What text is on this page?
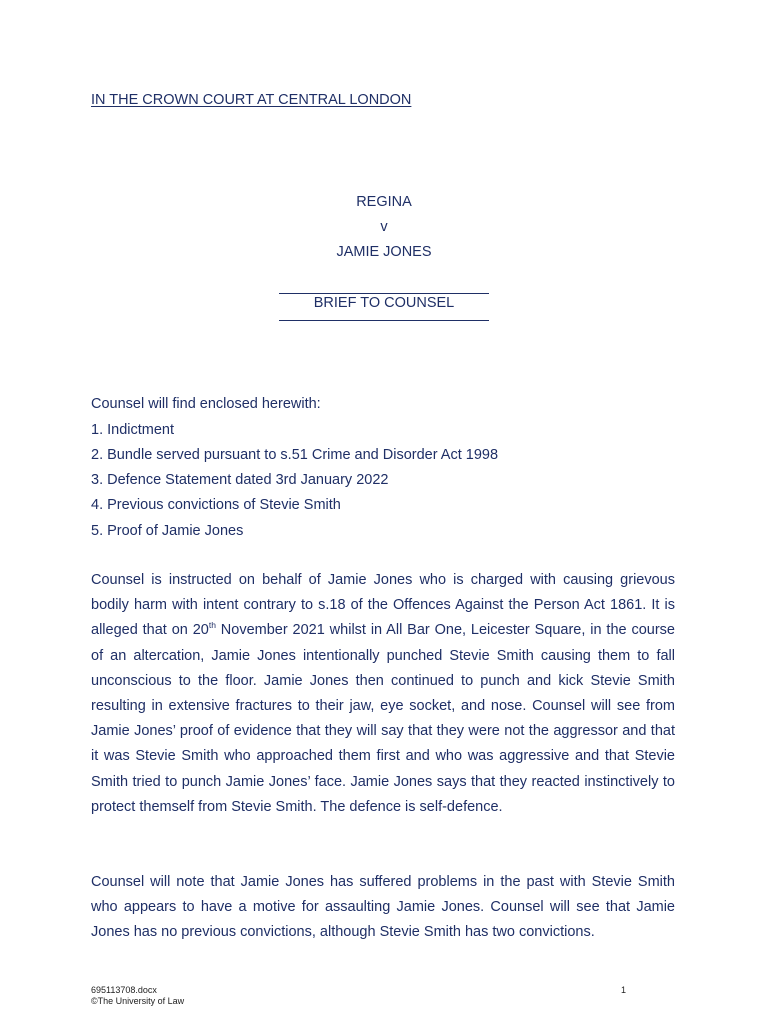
IN THE CROWN COURT AT CENTRAL LONDON
REGINA
v
JAMIE JONES
BRIEF TO COUNSEL
Counsel will find enclosed herewith:
1. Indictment
2. Bundle served pursuant to s.51 Crime and Disorder Act 1998
3. Defence Statement dated 3rd January 2022
4. Previous convictions of Stevie Smith
5. Proof of Jamie Jones
Counsel is instructed on behalf of Jamie Jones who is charged with causing grievous bodily harm with intent contrary to s.18 of the Offences Against the Person Act 1861. It is alleged that on 20th November 2021 whilst in All Bar One, Leicester Square, in the course of an altercation, Jamie Jones intentionally punched Stevie Smith causing them to fall unconscious to the floor. Jamie Jones then continued to punch and kick Stevie Smith resulting in extensive fractures to their jaw, eye socket, and nose. Counsel will see from Jamie Jones’ proof of evidence that they will say that they were not the aggressor and that it was Stevie Smith who approached them first and who was aggressive and that Stevie Smith tried to punch Jamie Jones’ face. Jamie Jones says that they reacted instinctively to protect themself from Stevie Smith. The defence is self-defence.
Counsel will note that Jamie Jones has suffered problems in the past with Stevie Smith who appears to have a motive for assaulting Jamie Jones. Counsel will see that Jamie Jones has no previous convictions, although Stevie Smith has two convictions.
695113708.docx
©The University of Law
1
